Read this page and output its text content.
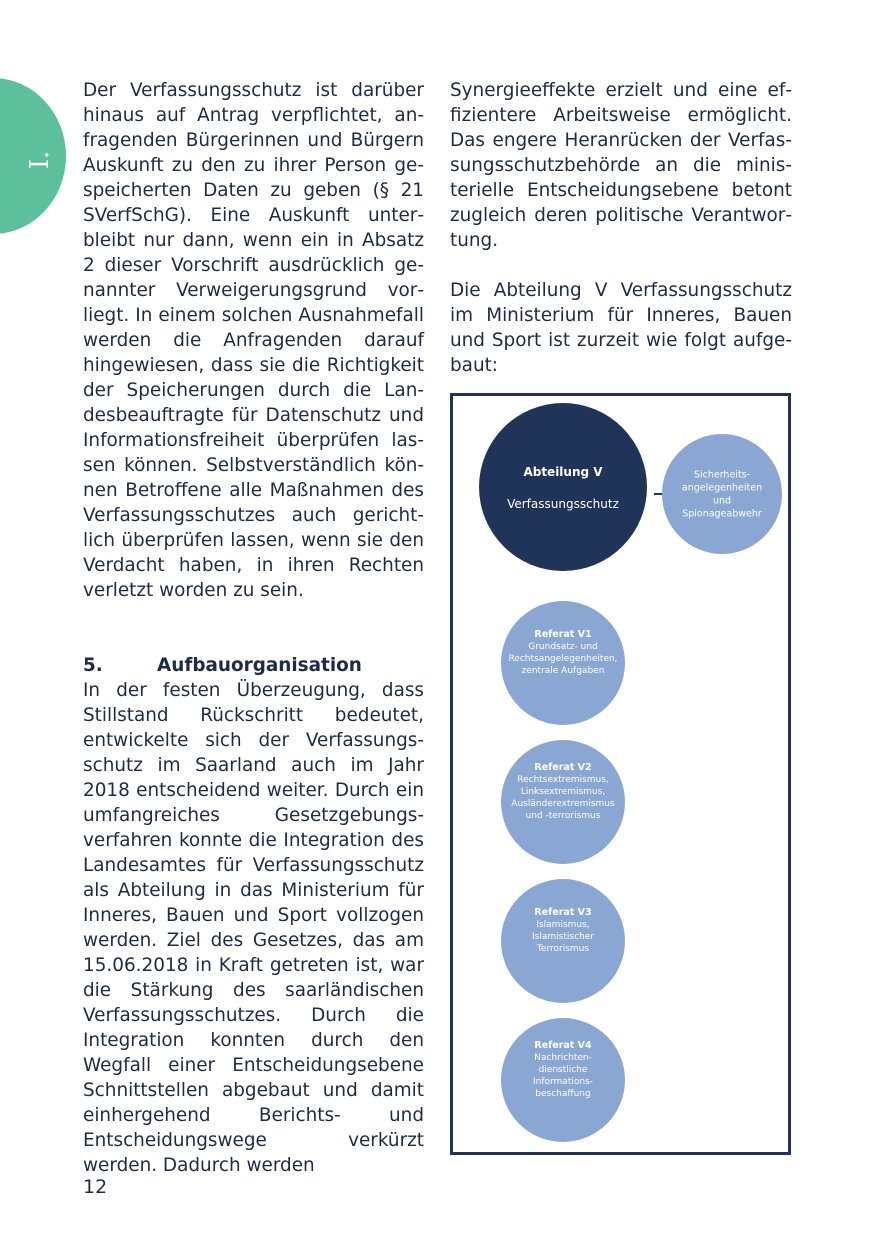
I.

Der Verfassungsschutz ist darüber hinaus auf Antrag verpflichtet, anfragenden Bürgerinnen und Bürgern Auskunft zu den zu ihrer Person gespeicherten Daten zu geben (§ 21 SVerfSchG). Eine Auskunft unterbleibt nur dann, wenn ein in Absatz 2 dieser Vorschrift ausdrücklich genannter Verweigerungsgrund vorliegt. In einem solchen Ausnahmefall werden die Anfragenden darauf hingewiesen, dass sie die Richtigkeit der Speicherungen durch die Landesbeauftragte für Datenschutz und Informationsfreiheit überprüfen lassen können. Selbstverständlich können Betroffene alle Maßnahmen des Verfassungsschutzes auch gerichtlich überprüfen lassen, wenn sie den Verdacht haben, in ihren Rechten verletzt worden zu sein.

5.	Aufbauorganisation

In der festen Überzeugung, dass Stillstand Rückschritt bedeutet, entwickelte sich der Verfassungsschutz im Saarland auch im Jahr 2018 entscheidend weiter. Durch ein umfangreiches Gesetzgebungsverfahren konnte die Integration des Landesamtes für Verfassungsschutz als Abteilung in das Ministerium für Inneres, Bauen und Sport vollzogen werden. Ziel des Gesetzes, das am 15.06.2018 in Kraft getreten ist, war die Stärkung des saarländischen Verfassungsschutzes. Durch die Integration konnten durch den Wegfall einer Entscheidungsebene Schnittstellen abgebaut und damit einhergehend Berichts- und Entscheidungswege verkürzt werden. Dadurch werden

Synergieeffekte erzielt und eine effizientere Arbeitsweise ermöglicht. Das engere Heranrücken der Verfassungsschutzbehörde an die ministerielle Entscheidungsebene betont zugleich deren politische Verantwortung.

Die Abteilung V Verfassungsschutz im Ministerium für Inneres, Bauen und Sport ist zurzeit wie folgt aufgebaut:

Abteilung V
Verfassungsschutz
Sicherheits-
angelegenheiten
und
Spionageabwehr
Referat V1
Grundsatz- und
Rechtsangelegenheiten,
zentrale Aufgaben
Referat V2
Rechtsextremismus,
Linksextremismus,
Ausländerextremismus
und -terrorismus
Referat V3
Islamismus,
Islamistischer
Terrorismus
Referat V4
Nachrichten-
dienstliche
Informations-
beschaffung
12
